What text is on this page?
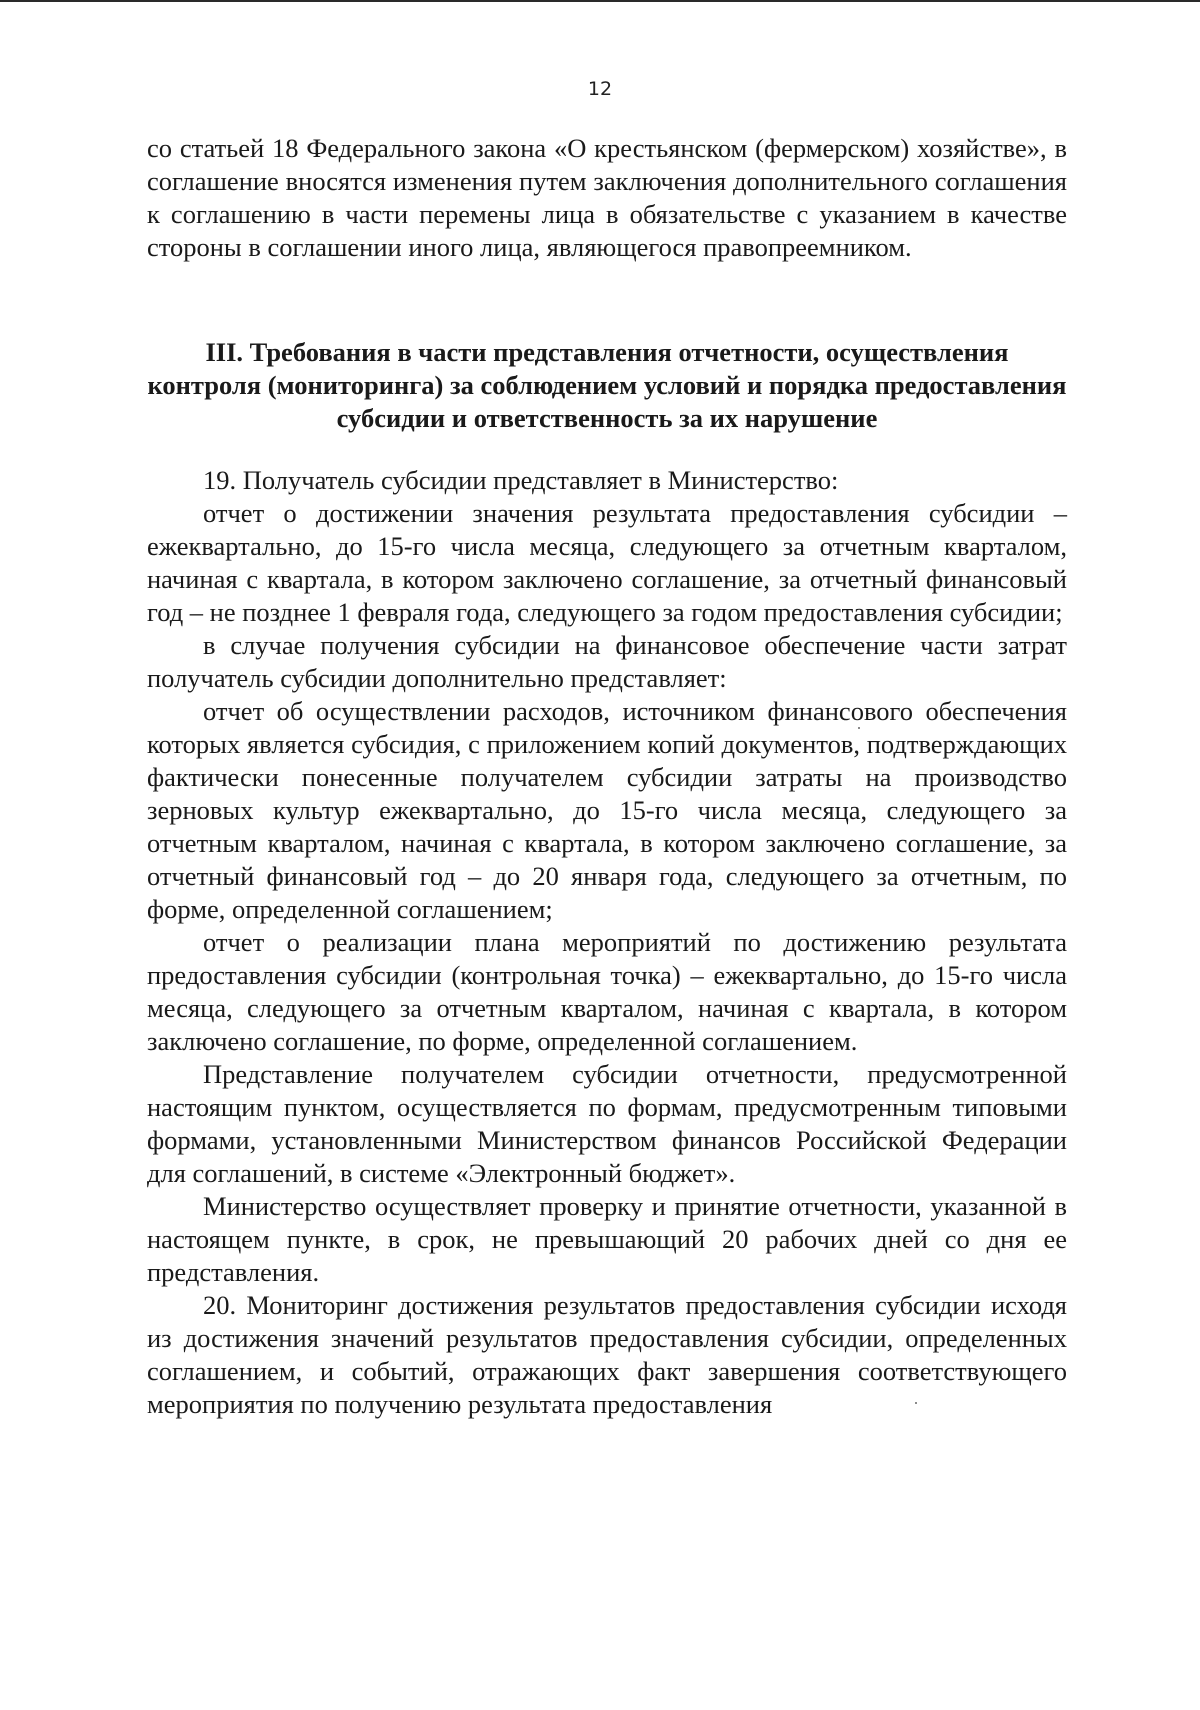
12

со статьей 18 Федерального закона «О крестьянском (фермерском) хозяйстве», в соглашение вносятся изменения путем заключения дополнительного соглашения к соглашению в части перемены лица в обязательстве с указанием в качестве стороны в соглашении иного лица, являющегося правопреемником.

III. Требования в части представления отчетности, осуществления контроля (мониторинга) за соблюдением условий и порядка предоставления субсидии и ответственность за их нарушение

19. Получатель субсидии представляет в Министерство:

отчет о достижении значения результата предоставления субсидии – ежеквартально, до 15-го числа месяца, следующего за отчетным кварталом, начиная с квартала, в котором заключено соглашение, за отчетный финансовый год – не позднее 1 февраля года, следующего за годом предоставления субсидии;

в случае получения субсидии на финансовое обеспечение части затрат получатель субсидии дополнительно представляет:

отчет об осуществлении расходов, источником финансового обеспечения которых является субсидия, с приложением копий документов, подтверждающих фактически понесенные получателем субсидии затраты на производство зерновых культур ежеквартально, до 15-го числа месяца, следующего за отчетным кварталом, начиная с квартала, в котором заключено соглашение, за отчетный финансовый год – до 20 января года, следующего за отчетным, по форме, определенной соглашением;

отчет о реализации плана мероприятий по достижению результата предоставления субсидии (контрольная точка) – ежеквартально, до 15-го числа месяца, следующего за отчетным кварталом, начиная с квартала, в котором заключено соглашение, по форме, определенной соглашением.

Представление получателем субсидии отчетности, предусмотренной настоящим пунктом, осуществляется по формам, предусмотренным типовыми формами, установленными Министерством финансов Российской Федерации для соглашений, в системе «Электронный бюджет».

Министерство осуществляет проверку и принятие отчетности, указанной в настоящем пункте, в срок, не превышающий 20 рабочих дней со дня ее представления.

20. Мониторинг достижения результатов предоставления субсидии исходя из достижения значений результатов предоставления субсидии, определенных соглашением, и событий, отражающих факт завершения соответствующего мероприятия по получению результата предоставления
